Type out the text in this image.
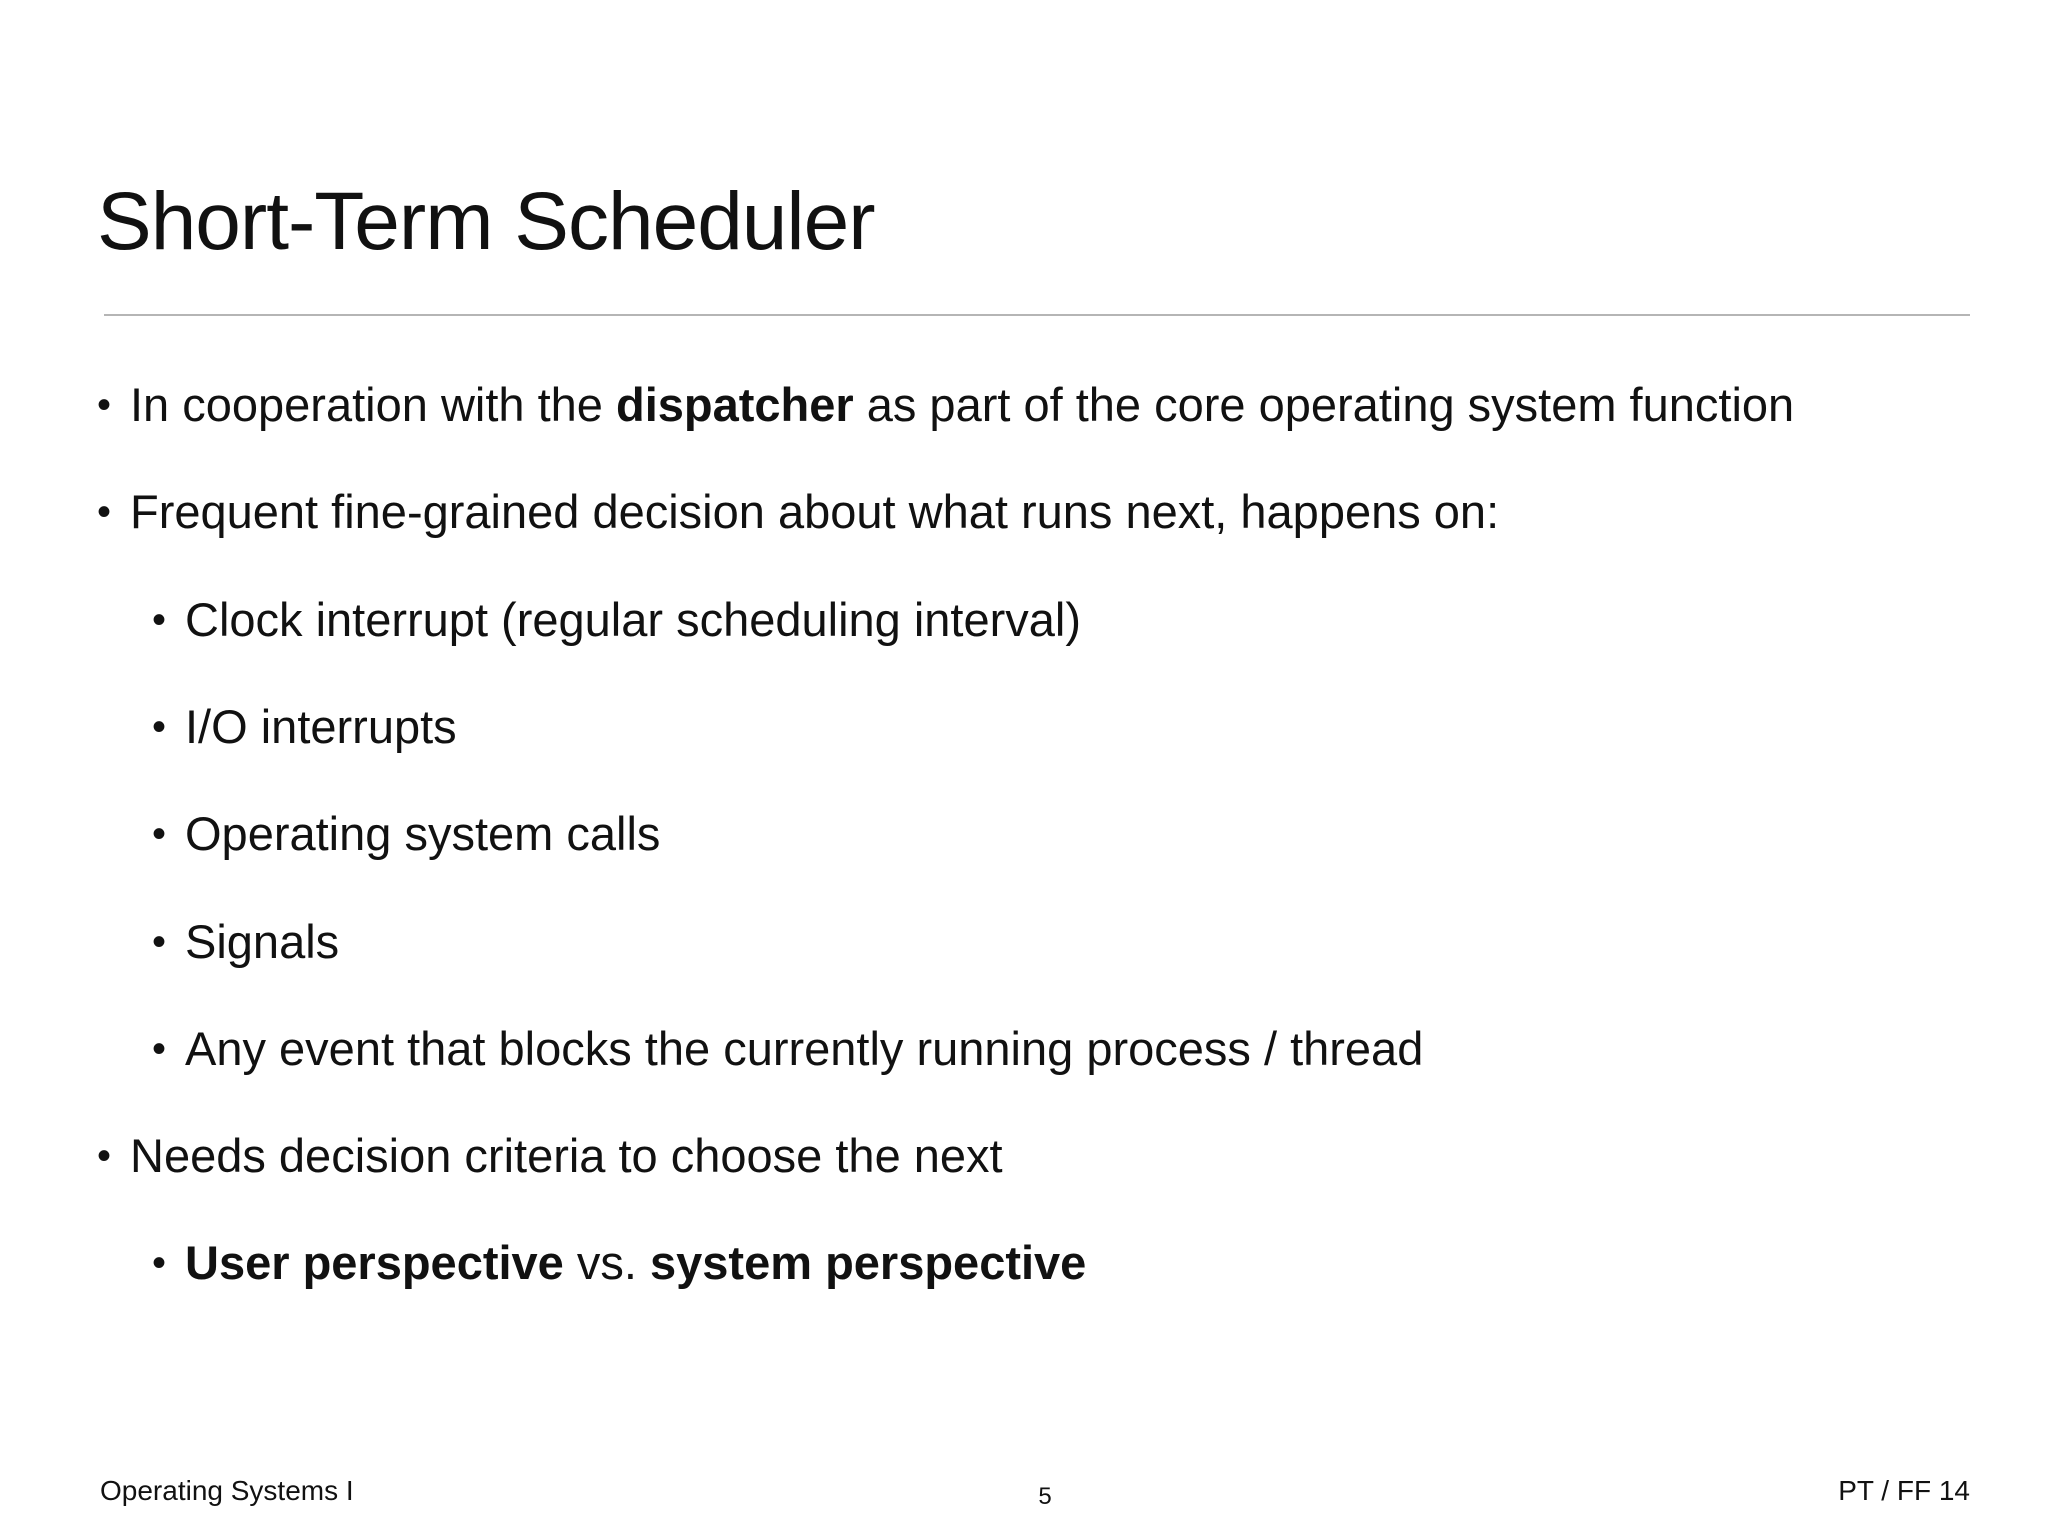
Short-Term Scheduler

• In cooperation with the dispatcher as part of the core operating system function

• Frequent fine-grained decision about what runs next, happens on:

• Clock interrupt (regular scheduling interval)

• I/O interrupts

• Operating system calls

• Signals

• Any event that blocks the currently running process / thread

• Needs decision criteria to choose the next

• User perspective vs. system perspective

Operating Systems I	5	PT / FF 14
